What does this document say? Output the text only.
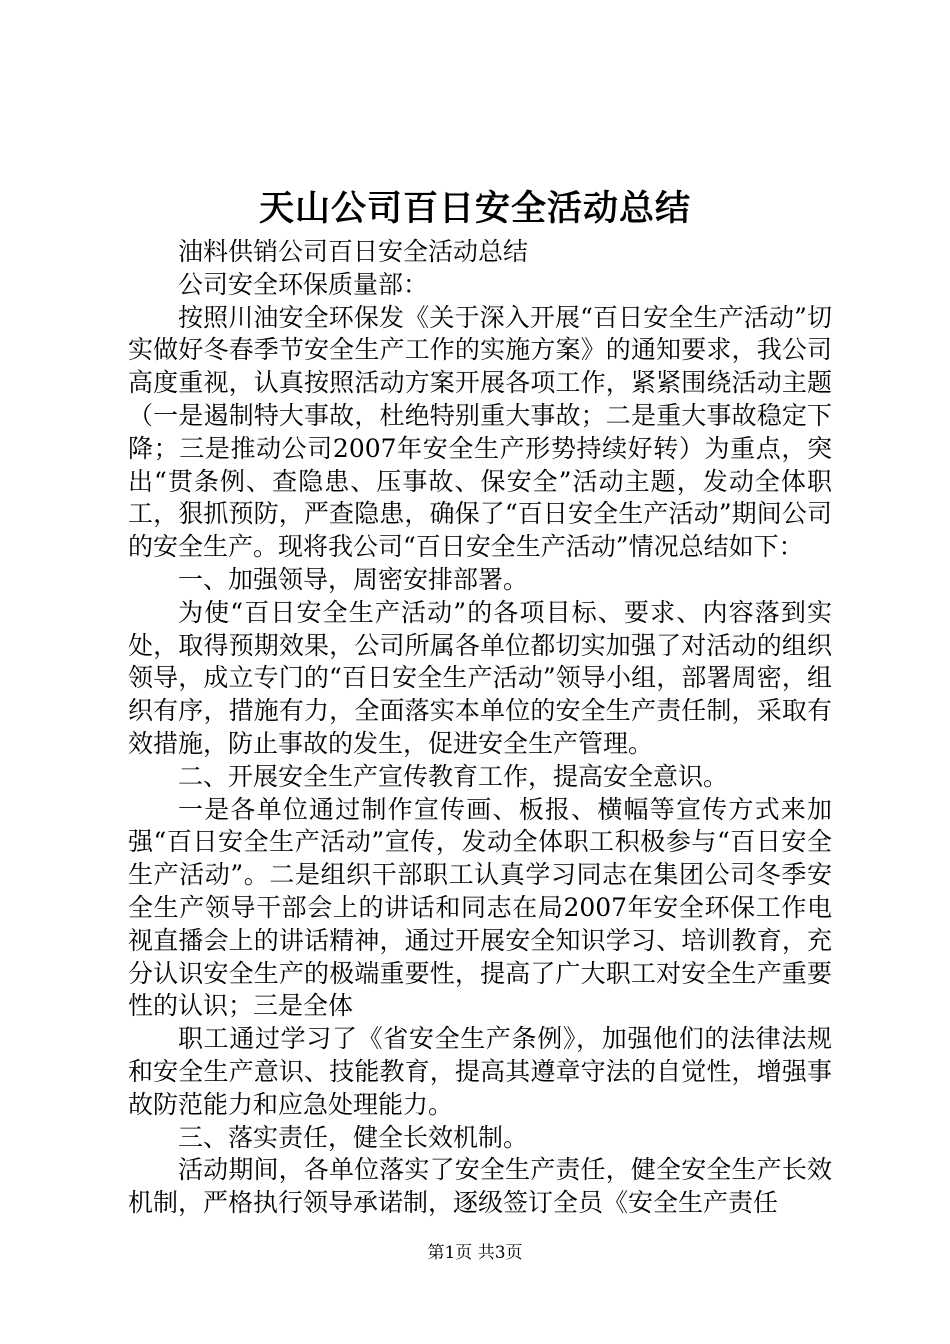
天山公司百日安全活动总结

油料供销公司百日安全活动总结

公司安全环保质量部：

按照川油安全环保发《关于深入开展“百日安全生产活动”切实做好冬春季节安全生产工作的实施方案》的通知要求，我公司高度重视，认真按照活动方案开展各项工作，紧紧围绕活动主题（一是遏制特大事故，杜绝特别重大事故；二是重大事故稳定下降；三是推动公司2007年安全生产形势持续好转）为重点，突出“贯条例、查隐患、压事故、保安全”活动主题，发动全体职工，狠抓预防，严查隐患，确保了“百日安全生产活动”期间公司的安全生产。现将我公司“百日安全生产活动”情况总结如下：

一、加强领导，周密安排部署。

为使“百日安全生产活动”的各项目标、要求、内容落到实处，取得预期效果，公司所属各单位都切实加强了对活动的组织领导，成立专门的“百日安全生产活动”领导小组，部署周密，组织有序，措施有力，全面落实本单位的安全生产责任制，采取有效措施，防止事故的发生，促进安全生产管理。

二、开展安全生产宣传教育工作，提高安全意识。

一是各单位通过制作宣传画、板报、横幅等宣传方式来加强“百日安全生产活动”宣传，发动全体职工积极参与“百日安全生产活动”。二是组织干部职工认真学习同志在集团公司冬季安全生产领导干部会上的讲话和同志在局2007年安全环保工作电视直播会上的讲话精神，通过开展安全知识学习、培训教育，充分认识安全生产的极端重要性，提高了广大职工对安全生产重要性的认识；三是全体

职工通过学习了《省安全生产条例》，加强他们的法律法规和安全生产意识、技能教育，提高其遵章守法的自觉性，增强事故防范能力和应急处理能力。

三、落实责任，健全长效机制。

活动期间，各单位落实了安全生产责任，健全安全生产长效机制，严格执行领导承诺制，逐级签订全员《安全生产责任

第1页 共3页
